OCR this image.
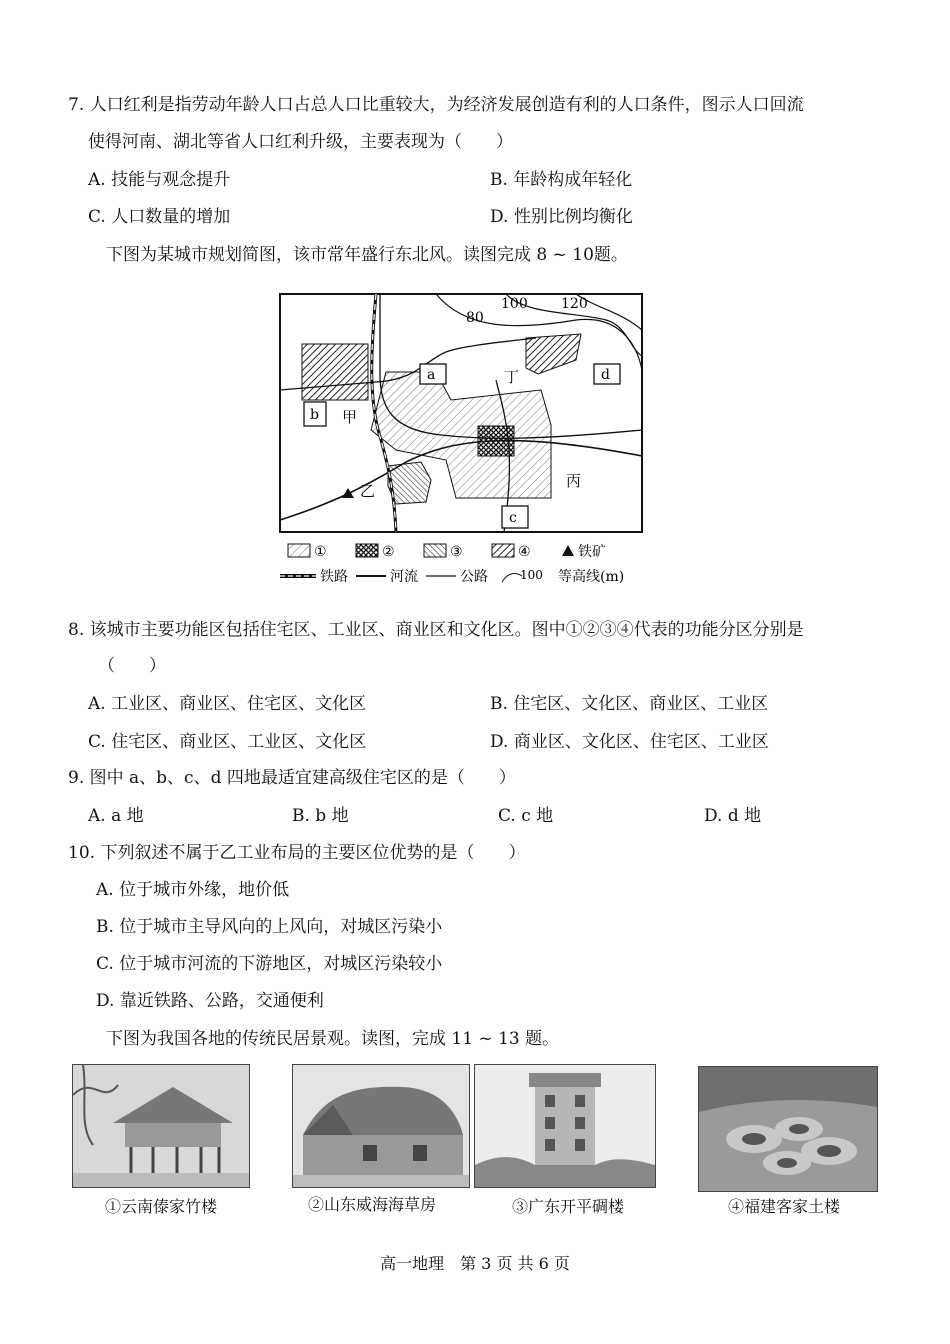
7. 人口红利是指劳动年龄人口占总人口比重较大，为经济发展创造有利的人口条件，图示人口回流
使得河南、湖北等省人口红利升级，主要表现为（　　）
A. 技能与观念提升	B. 年龄构成年轻化
C. 人口数量的增加	D. 性别比例均衡化
下图为某城市规划简图，该市常年盛行东北风。读图完成 8 ~ 10题。
80
100 120
a
b
c
d
甲
乙
丙
丁
①	②	③	④	铁矿
铁路	河流	公路	100 等高线(m)
8. 该城市主要功能区包括住宅区、工业区、商业区和文化区。图中①②③④代表的功能分区分别是
（　　）
A. 工业区、商业区、住宅区、文化区	B. 住宅区、文化区、商业区、工业区
C. 住宅区、商业区、工业区、文化区	D. 商业区、文化区、住宅区、工业区
9. 图中 a、b、c、d 四地最适宜建高级住宅区的是（　　）
A. a 地	B. b 地	C. c 地	D. d 地
10. 下列叙述不属于乙工业布局的主要区位优势的是（　　）
A. 位于城市外缘，地价低
B. 位于城市主导风向的上风向，对城区污染小
C. 位于城市河流的下游地区，对城区污染较小
D. 靠近铁路、公路，交通便利
下图为我国各地的传统民居景观。读图，完成 11 ~ 13 题。
①云南傣家竹楼	②山东威海海草房	③广东开平碉楼	④福建客家土楼
高一地理　第 3 页 共 6 页
